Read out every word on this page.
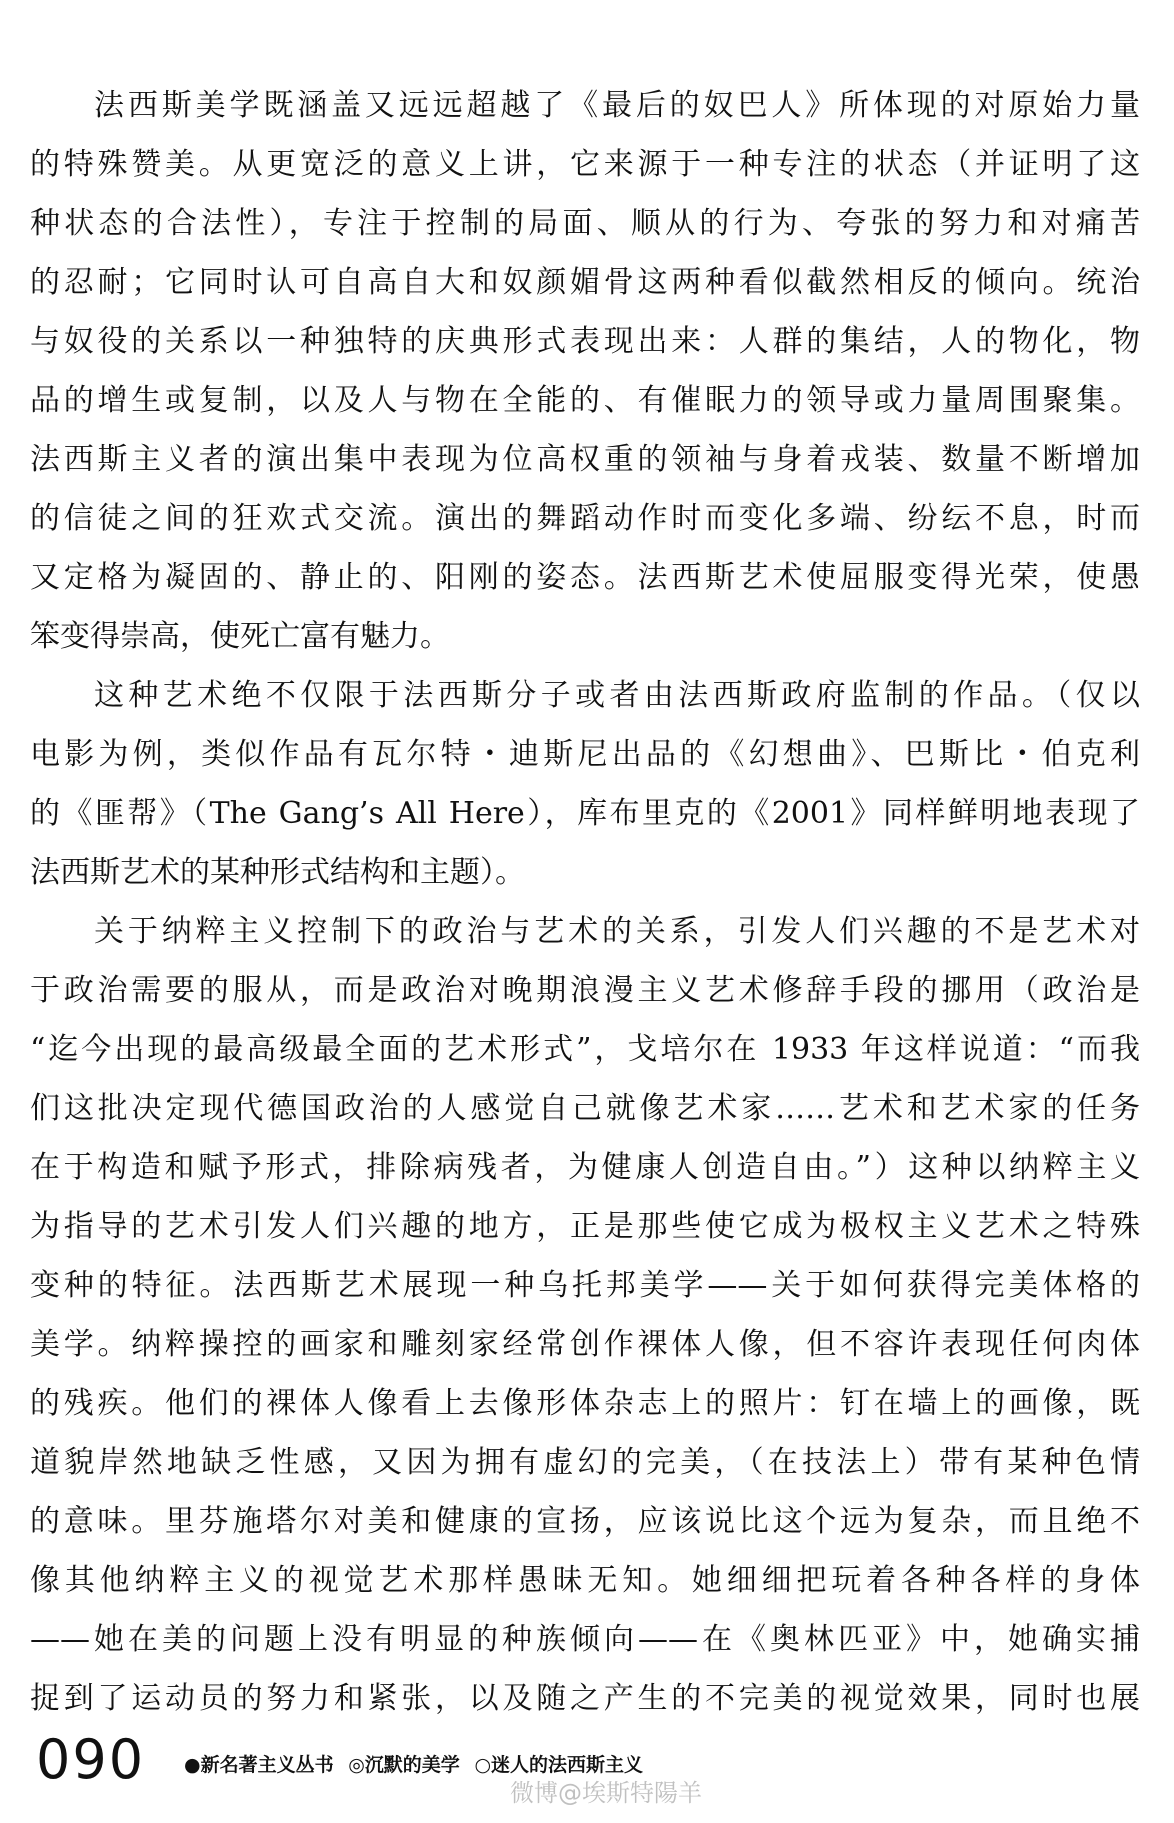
法西斯美学既涵盖又远远超越了《最后的奴巴人》所体现的对原始力量
的特殊赞美。从更宽泛的意义上讲，它来源于一种专注的状态（并证明了这
种状态的合法性），专注于控制的局面、顺从的行为、夸张的努力和对痛苦
的忍耐；它同时认可自高自大和奴颜媚骨这两种看似截然相反的倾向。统治
与奴役的关系以一种独特的庆典形式表现出来：人群的集结，人的物化，物
品的增生或复制，以及人与物在全能的、有催眠力的领导或力量周围聚集。
法西斯主义者的演出集中表现为位高权重的领袖与身着戎装、数量不断增加
的信徒之间的狂欢式交流。演出的舞蹈动作时而变化多端、纷纭不息，时而
又定格为凝固的、静止的、阳刚的姿态。法西斯艺术使屈服变得光荣，使愚
笨变得崇高，使死亡富有魅力。
这种艺术绝不仅限于法西斯分子或者由法西斯政府监制的作品。（仅以
电影为例，类似作品有瓦尔特・迪斯尼出品的《幻想曲》、巴斯比・伯克利
的《匪帮》（The Gang’s All Here），库布里克的《2001》同样鲜明地表现了
法西斯艺术的某种形式结构和主题）。
关于纳粹主义控制下的政治与艺术的关系，引发人们兴趣的不是艺术对
于政治需要的服从，而是政治对晚期浪漫主义艺术修辞手段的挪用（政治是
“迄今出现的最高级最全面的艺术形式”，戈培尔在 1933 年这样说道：“而我
们这批决定现代德国政治的人感觉自己就像艺术家……艺术和艺术家的任务
在于构造和赋予形式，排除病残者，为健康人创造自由。”）这种以纳粹主义
为指导的艺术引发人们兴趣的地方，正是那些使它成为极权主义艺术之特殊
变种的特征。法西斯艺术展现一种乌托邦美学——关于如何获得完美体格的
美学。纳粹操控的画家和雕刻家经常创作裸体人像，但不容许表现任何肉体
的残疾。他们的裸体人像看上去像形体杂志上的照片：钉在墙上的画像，既
道貌岸然地缺乏性感，又因为拥有虚幻的完美，（在技法上）带有某种色情
的意味。里芬施塔尔对美和健康的宣扬，应该说比这个远为复杂，而且绝不
像其他纳粹主义的视觉艺术那样愚昧无知。她细细把玩着各种各样的身体
——她在美的问题上没有明显的种族倾向——在《奥林匹亚》中，她确实捕
捉到了运动员的努力和紧张，以及随之产生的不完美的视觉效果，同时也展
090 ●新名著主义丛书 ◎沉默的美学 ○迷人的法西斯主义
微博@埃斯特陽羊
